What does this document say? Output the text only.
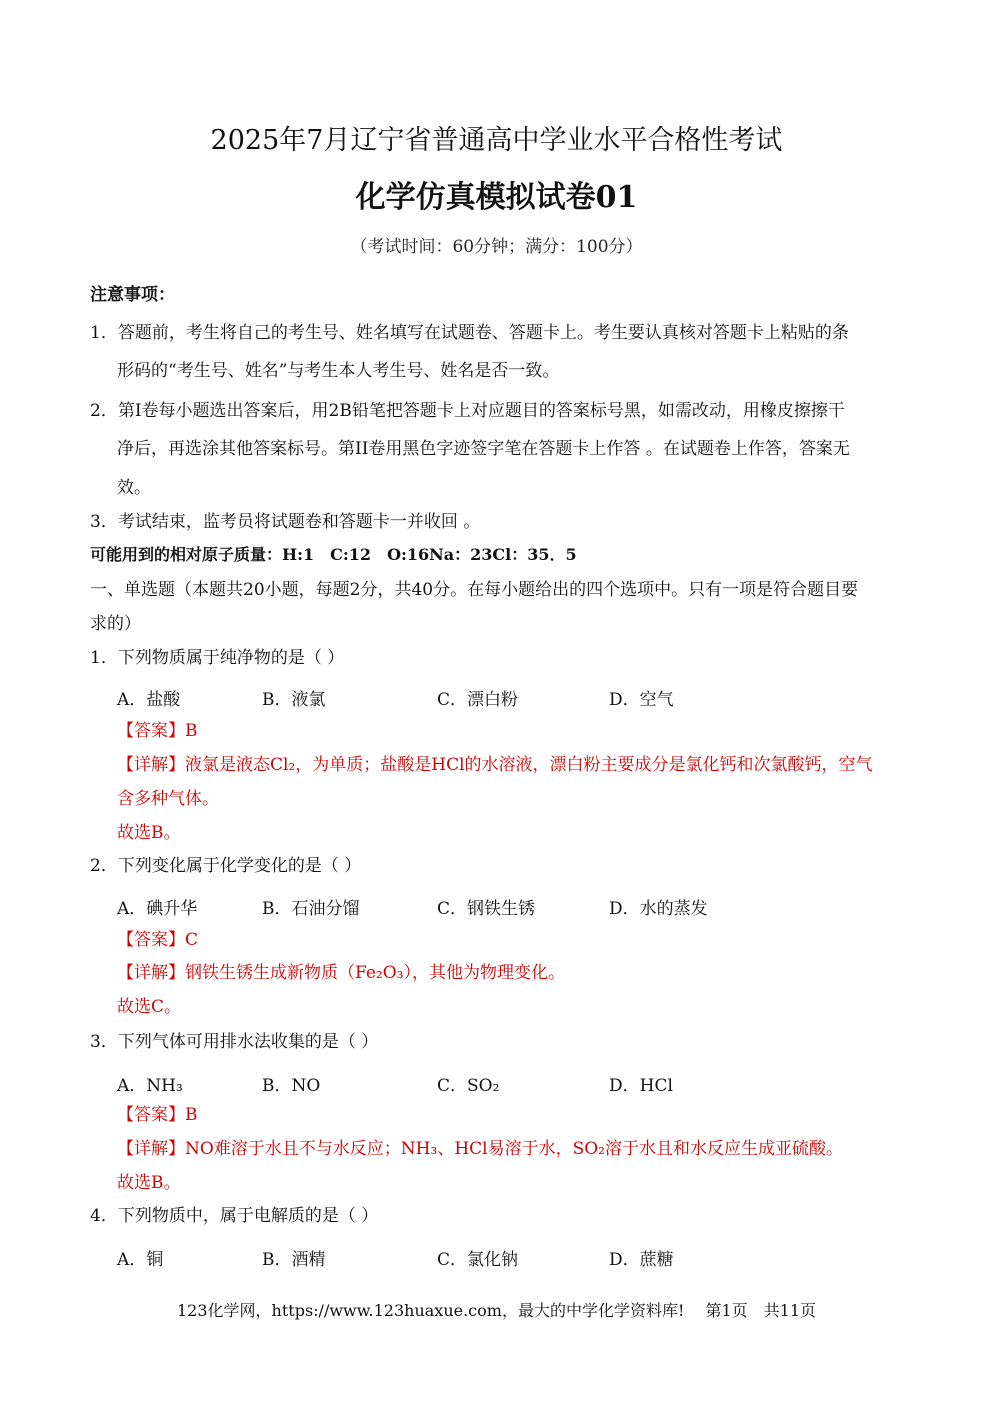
2025年7月辽宁省普通高中学业水平合格性考试
化学仿真模拟试卷01
（考试时间：60分钟；满分：100分）
注意事项：
1．答题前，考生将自己的考生号、姓名填写在试题卷、答题卡上。考生要认真核对答题卡上粘贴的条
形码的“考生号、姓名”与考生本人考生号、姓名是否一致。
2．第I卷每小题选出答案后，用2B铅笔把答题卡上对应题目的答案标号黑，如需改动，用橡皮擦擦干
净后，再选涂其他答案标号。第II卷用黑色字迹签字笔在答题卡上作答 。在试题卷上作答，答案无
效。
3．考试结束，监考员将试题卷和答题卡一并收回 。
可能用到的相对原子质量：H:1　C:12　O:16Na：23Cl：35．5
一、单选题（本题共20小题，每题2分，共40分。在每小题给出的四个选项中。只有一项是符合题目要
求的）
1．下列物质属于纯净物的是（ ）
A．盐酸	B．液氯	C．漂白粉	D．空气
【答案】B
【详解】液氯是液态Cl₂，为单质；盐酸是HCl的水溶液，漂白粉主要成分是氯化钙和次氯酸钙，空气
含多种气体。
故选B。
2．下列变化属于化学变化的是（ ）
A．碘升华	B．石油分馏	C．钢铁生锈	D．水的蒸发
【答案】C
【详解】钢铁生锈生成新物质（Fe₂O₃），其他为物理变化。
故选C。
3．下列气体可用排水法收集的是（ ）
A．NH₃	B．NO	C．SO₂	D．HCl
【答案】B
【详解】NO难溶于水且不与水反应；NH₃、HCl易溶于水，SO₂溶于水且和水反应生成亚硫酸。
故选B。
4．下列物质中，属于电解质的是（ ）
A．铜	B．酒精	C．氯化钠	D．蔗糖
123化学网，https://www.123huaxue.com，最大的中学化学资料库!　 第1页　共11页
